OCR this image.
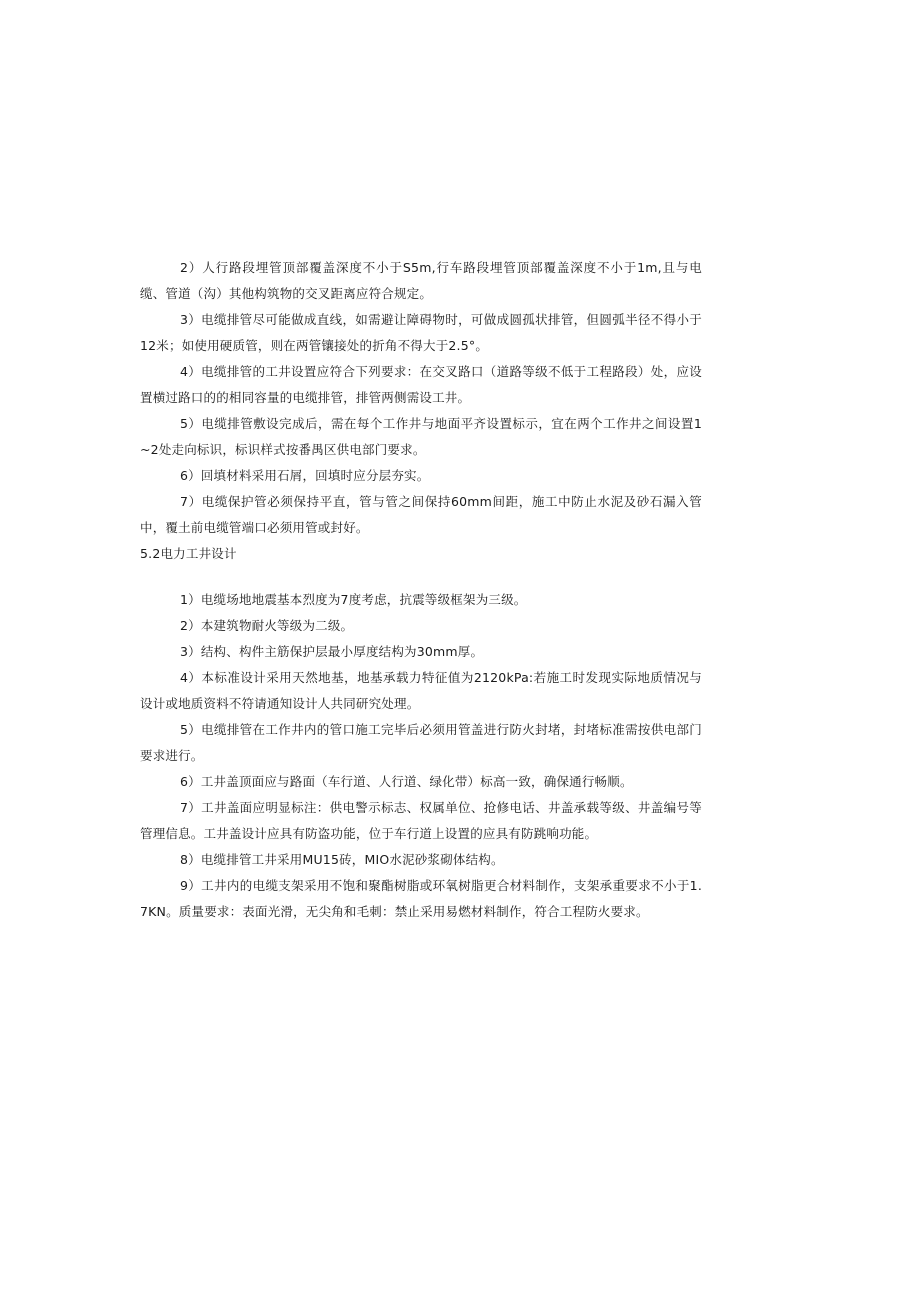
2）人行路段埋管顶部覆盖深度不小于S5m,行车路段埋管顶部覆盖深度不小于1m,且与电缆、管道（沟）其他构筑物的交叉距离应符合规定。

3）电缆排管尽可能做成直线，如需避让障碍物时，可做成圆孤状排管，但圆弧半径不得小于12米；如使用硬质管，则在两管镶接处的折角不得大于2.5°。

4）电缆排管的工井设置应符合下列要求：在交叉路口（道路等级不低于工程路段）处，应设置横过路口的的相同容量的电缆排管，排管两侧需设工井。

5）电缆排管敷设完成后，需在每个工作井与地面平齐设置标示，宜在两个工作井之间设置1~2处走向标识，标识样式按番禺区供电部门要求。

6）回填材料采用石屑，回填时应分层夯实。

7）电缆保护管必须保持平直，管与管之间保持60mm间距，施工中防止水泥及砂石漏入管中，覆土前电缆管端口必须用管或封好。

5.2电力工井设计

1）电缆场地地震基本烈度为7度考虑，抗震等级框架为三级。

2）本建筑物耐火等级为二级。

3）结构、构件主筋保护层最小厚度结构为30mm厚。

4）本标准设计采用天然地基，地基承载力特征值为2120kPa:若施工时发现实际地质情况与设计或地质资料不符请通知设计人共同研究处理。

5）电缆排管在工作井内的管口施工完毕后必须用管盖进行防火封堵，封堵标准需按供电部门要求进行。

6）工井盖顶面应与路面（车行道、人行道、绿化带）标高一致，确保通行畅顺。

7）工井盖面应明显标注：供电警示标志、权属单位、抢修电话、井盖承载等级、井盖编号等管理信息。工井盖设计应具有防盗功能，位于车行道上设置的应具有防跳响功能。

8）电缆排管工井采用MU15砖，MIO水泥砂浆砌体结构。

9）工井内的电缆支架采用不饱和聚酯树脂或环氧树脂更合材料制作，支架承重要求不小于1.7KN。质量要求：表面光滑，无尖角和毛刺：禁止采用易燃材料制作，符合工程防火要求。
